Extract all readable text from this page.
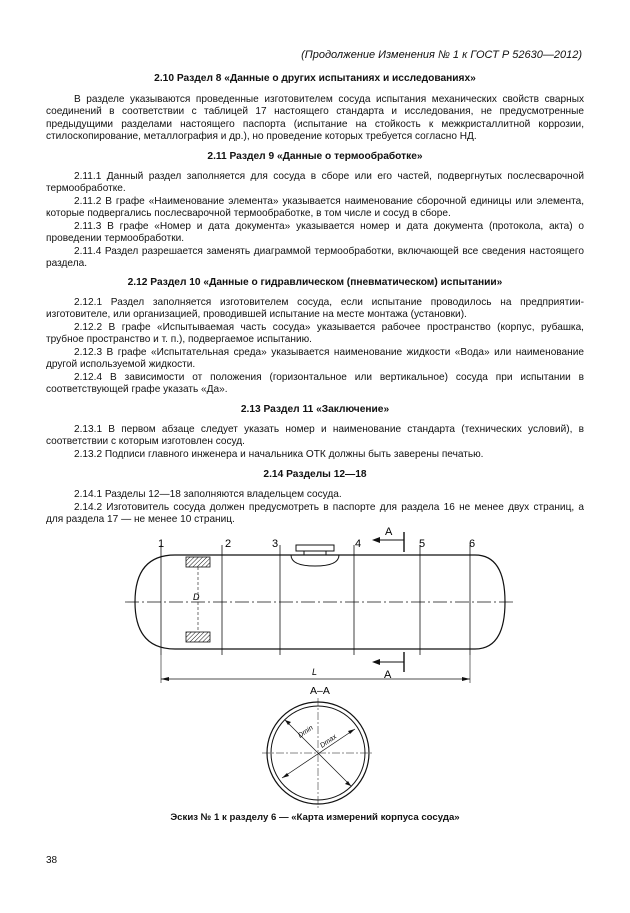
(Продолжение Изменения № 1 к ГОСТ Р 52630—2012)
2.10 Раздел 8 «Данные о других испытаниях и исследованиях»

В разделе указываются проведенные изготовителем сосуда испытания механических свойств сварных соединений в соответствии с таблицей 17 настоящего стандарта и исследования, не предусмотренные предыдущими разделами настоящего паспорта (испытание на стойкость к межкристаллитной коррозии, стилоскопирование, металлография и др.), но проведение которых требуется согласно НД.

2.11 Раздел 9 «Данные о термообработке»

2.11.1 Данный раздел заполняется для сосуда в сборе или его частей, подвергнутых послесварочной термообработке.

2.11.2 В графе «Наименование элемента» указывается наименование сборочной единицы или элемента, которые подвергались послесварочной термообработке, в том числе и сосуд в сборе.

2.11.3 В графе «Номер и дата документа» указывается номер и дата документа (протокола, акта) о проведении термообработки.

2.11.4 Раздел разрешается заменять диаграммой термообработки, включающей все сведения настоящего раздела.

2.12 Раздел 10 «Данные о гидравлическом (пневматическом) испытании»

2.12.1 Раздел заполняется изготовителем сосуда, если испытание проводилось на предприятии-изготовителе, или организацией, проводившей испытание на месте монтажа (установки).

2.12.2 В графе «Испытываемая часть сосуда» указывается рабочее пространство (корпус, рубашка, трубное пространство и т. п.), подвергаемое испытанию.

2.12.3 В графе «Испытательная среда» указывается наименование жидкости «Вода» или наименование другой используемой жидкости.

2.12.4 В зависимости от положения (горизонтальное или вертикальное) сосуда при испытании в соответствующей графе указать «Да».

2.13 Раздел 11 «Заключение»

2.13.1 В первом абзаце следует указать номер и наименование стандарта (технических условий), в соответствии с которым изготовлен сосуд.

2.13.2 Подписи главного инженера и начальника ОТК должны быть заверены печатью.

2.14 Разделы 12—18

2.14.1 Разделы 12—18 заполняются владельцем сосуда.

2.14.2 Изготовитель сосуда должен предусмотреть в паспорте для раздела 16 не менее двух страниц, а для раздела 17 — не менее 10 страниц.

1	2	3	4	5	6
A
A
D
L
A–A
Dmin
Dmax
Эскиз № 1 к разделу 6 — «Карта измерений корпуса сосуда»
38
